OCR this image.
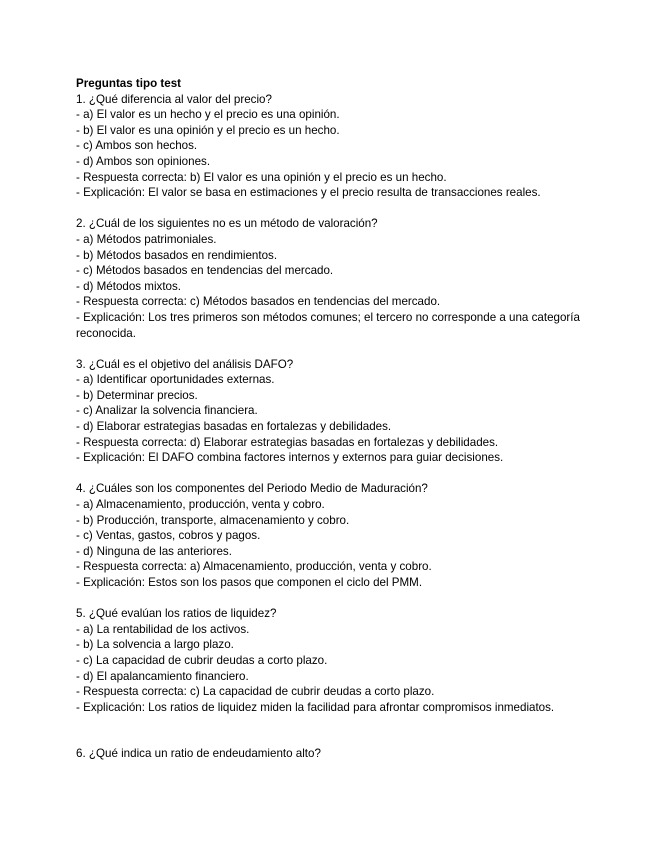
Preguntas tipo test

1. ¿Qué diferencia al valor del precio?

- a) El valor es un hecho y el precio es una opinión.

- b) El valor es una opinión y el precio es un hecho.

- c) Ambos son hechos.

- d) Ambos son opiniones.

- Respuesta correcta: b) El valor es una opinión y el precio es un hecho.

- Explicación: El valor se basa en estimaciones y el precio resulta de transacciones reales.

2. ¿Cuál de los siguientes no es un método de valoración?

- a) Métodos patrimoniales.

- b) Métodos basados en rendimientos.

- c) Métodos basados en tendencias del mercado.

- d) Métodos mixtos.

- Respuesta correcta: c) Métodos basados en tendencias del mercado.

- Explicación: Los tres primeros son métodos comunes; el tercero no corresponde a una categoría reconocida.

3. ¿Cuál es el objetivo del análisis DAFO?

- a) Identificar oportunidades externas.

- b) Determinar precios.

- c) Analizar la solvencia financiera.

- d) Elaborar estrategias basadas en fortalezas y debilidades.

- Respuesta correcta: d) Elaborar estrategias basadas en fortalezas y debilidades.

- Explicación: El DAFO combina factores internos y externos para guiar decisiones.

4. ¿Cuáles son los componentes del Periodo Medio de Maduración?

- a) Almacenamiento, producción, venta y cobro.

- b) Producción, transporte, almacenamiento y cobro.

- c) Ventas, gastos, cobros y pagos.

- d) Ninguna de las anteriores.

- Respuesta correcta: a) Almacenamiento, producción, venta y cobro.

- Explicación: Estos son los pasos que componen el ciclo del PMM.

5. ¿Qué evalúan los ratios de liquidez?

- a) La rentabilidad de los activos.

- b) La solvencia a largo plazo.

- c) La capacidad de cubrir deudas a corto plazo.

- d) El apalancamiento financiero.

- Respuesta correcta: c) La capacidad de cubrir deudas a corto plazo.

- Explicación: Los ratios de liquidez miden la facilidad para afrontar compromisos inmediatos.

6. ¿Qué indica un ratio de endeudamiento alto?
